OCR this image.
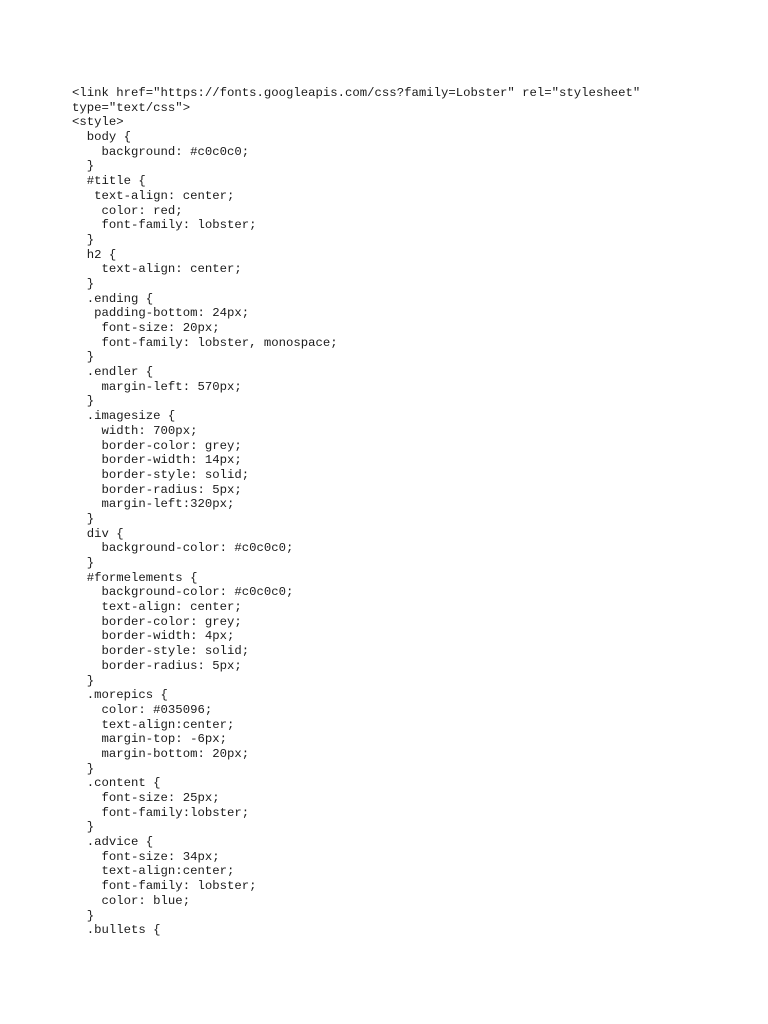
<link href="https://fonts.googleapis.com/css?family=Lobster" rel="stylesheet"
type="text/css">
<style>
body {
background: #c0c0c0;
}
#title {
text-align: center;
color: red;
font-family: lobster;
}
h2 {
text-align: center;
}
.ending {
padding-bottom: 24px;
font-size: 20px;
font-family: lobster, monospace;
}
.endler {
margin-left: 570px;
}
.imagesize {
width: 700px;
border-color: grey;
border-width: 14px;
border-style: solid;
border-radius: 5px;
margin-left:320px;
}
div {
background-color: #c0c0c0;
}
#formelements {
background-color: #c0c0c0;
text-align: center;
border-color: grey;
border-width: 4px;
border-style: solid;
border-radius: 5px;
}
.morepics {
color: #035096;
text-align:center;
margin-top: -6px;
margin-bottom: 20px;
}
.content {
font-size: 25px;
font-family:lobster;
}
.advice {
font-size: 34px;
text-align:center;
font-family: lobster;
color: blue;
}
.bullets {
